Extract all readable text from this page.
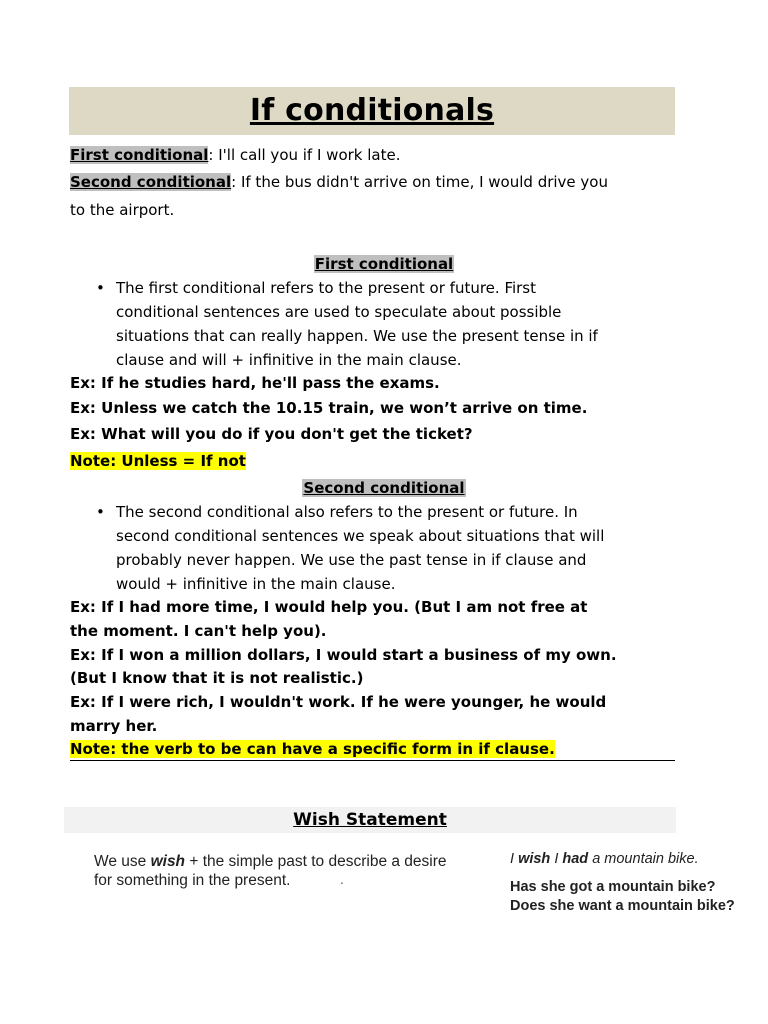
If conditionals
First conditional: I'll call you if I work late.
Second conditional: If the bus didn't arrive on time, I would drive you
to the airport.
First conditional
• The first conditional refers to the present or future. First
conditional sentences are used to speculate about possible
situations that can really happen. We use the present tense in if
clause and will + infinitive in the main clause.
Ex: If he studies hard, he'll pass the exams.
Ex: Unless we catch the 10.15 train, we won’t arrive on time.
Ex: What will you do if you don't get the ticket?
Note: Unless = If not
Second conditional
• The second conditional also refers to the present or future. In
second conditional sentences we speak about situations that will
probably never happen. We use the past tense in if clause and
would + infinitive in the main clause.
Ex: If I had more time, I would help you. (But I am not free at
the moment. I can't help you).
Ex: If I won a million dollars, I would start a business of my own.
(But I know that it is not realistic.)
Ex: If I were rich, I wouldn't work. If he were younger, he would
marry her.
Note: the verb to be can have a specific form in if clause.
Wish Statement
We use wish + the simple past to describe a desire
for something in the present.	.
I wish I had a mountain bike.
Has she got a mountain bike?
Does she want a mountain bike?
